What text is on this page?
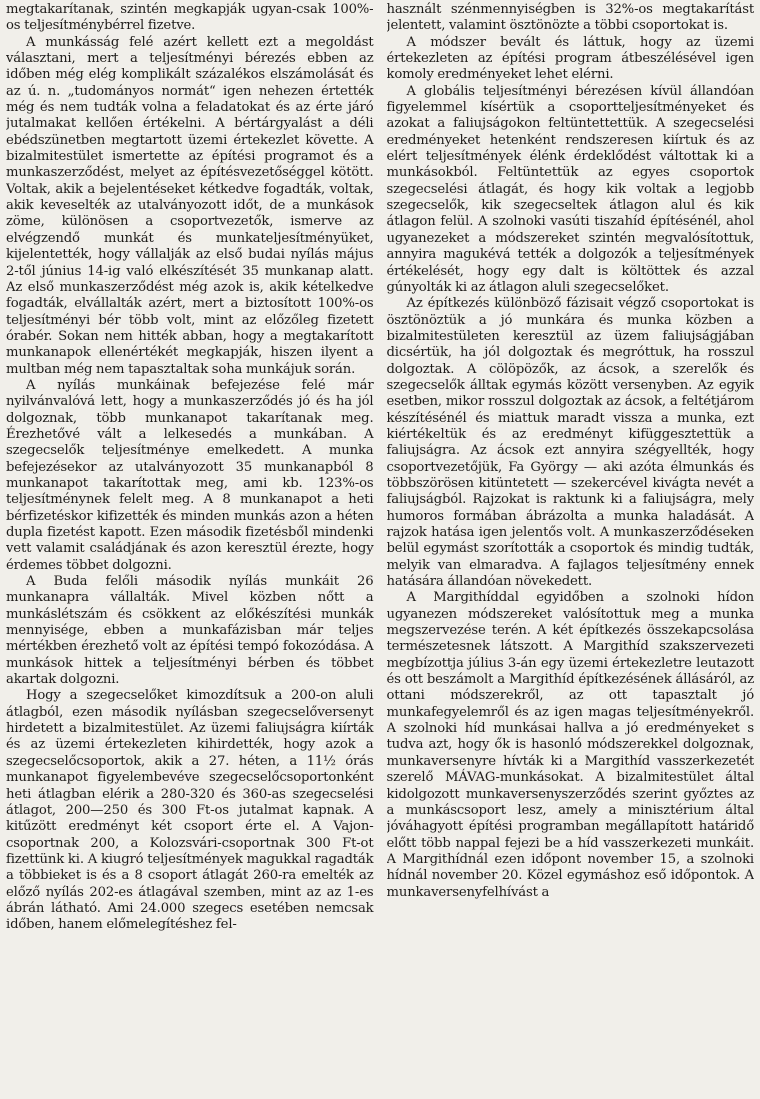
megtakarítanak, szintén megkapják ugyan-csak 100%-os teljesítménybérrel fizetve.

A munkásság felé azért kellett ezt a megoldást választani, mert a teljesítményi bérezés ebben az időben még elég komplikált százalékos elszámolását és az ú. n. „tudományos normát“ igen nehezen értették még és nem tudták volna a feladatokat és az érte járó jutalmakat kellően értékelni. A bértárgyalást a déli ebédszünetben megtartott üzemi értekezlet követte. A bizalmitestület ismertette az építési programot és a munkaszerződést, melyet az építésvezetőséggel kötött. Voltak, akik a bejelentéseket kétkedve fogadták, voltak, akik keveselték az utalványozott időt, de a munkások zöme, különösen a csoportvezetők, ismerve az elvégzendő munkát és munkateljesítményüket, kijelentették, hogy vállalják az első budai nyílás május 2-től június 14-ig való elkészítését 35 munkanap alatt. Az első munkaszerződést még azok is, akik kételkedve fogadták, elvállalták azért, mert a biztosított 100%-os teljesítményi bér több volt, mint az előzőleg fizetett órabér. Sokan nem hitték abban, hogy a megtakarított munkanapok ellenértékét megkapják, hiszen ilyent a multban még nem tapasztaltak soha munkájuk során.

A nyílás munkáinak befejezése felé már nyilvánvalóvá lett, hogy a munkaszerződés jó és ha jól dolgoznak, több munkanapot takarítanak meg. Érezhetővé vált a lelkesedés a munkában. A szegecselők teljesítménye emelkedett. A munka befejezésekor az utalványozott 35 munkanapból 8 munkanapot takarítottak meg, ami kb. 123%-os teljesítménynek felelt meg. A 8 munkanapot a heti bérfizetéskor kifizették és minden munkás azon a héten dupla fizetést kapott. Ezen második fizetésből mindenki vett valamit családjának és azon keresztül érezte, hogy érdemes többet dolgozni.

A Buda felőli második nyílás munkáit 26 munkanapra vállalták. Mivel közben nőtt a munkáslétszám és csökkent az előkészítési munkák mennyisége, ebben a munkafázisban már teljes mértékben érezhető volt az építési tempó fokozódása. A munkások hittek a teljesítményi bérben és többet akartak dolgozni.

Hogy a szegecselőket kimozdítsuk a 200-on aluli átlagból, ezen második nyílásban szegecselőversenyt hirdetett a bizalmitestület. Az üzemi faliujságra kiírták és az üzemi értekezleten kihirdették, hogy azok a szegecselőcsoportok, akik a 27. héten, a 11½ órás munkanapot figyelembevéve szegecselőcsoportonként heti átlagban elérik a 280-320 és 360-as szegecselési átlagot, 200—250 és 300 Ft-os jutalmat kapnak. A kitűzött eredményt két csoport érte el. A Vajon-csoportnak 200, a Kolozsvári-csoportnak 300 Ft-ot fizettünk ki. A kiugró teljesítmények magukkal ragadták a többieket is és a 8 csoport átlagát 260-ra emelték az előző nyílás 202-es átlagával szemben, mint az az 1-es ábrán látható. Ami 24.000 szegecs esetében nemcsak időben, hanem előmelegítéshez fel-

használt szénmennyiségben is 32%-os megtakarítást jelentett, valamint ösztönözte a többi csoportokat is.

A módszer bevált és láttuk, hogy az üzemi értekezleten az építési program átbeszélésével igen komoly eredményeket lehet elérni.

A globális teljesítményi bérezésen kívül állandóan figyelemmel kísértük a csoportteljesítményeket és azokat a faliujságokon feltüntettettük. A szegecselési eredményeket hetenként rendszeresen kiírtuk és az elért teljesítmények élénk érdeklődést váltottak ki a munkásokból. Feltüntettük az egyes csoportok szegecselési átlagát, és hogy kik voltak a legjobb szegecselők, kik szegecseltek átlagon alul és kik átlagon felül. A szolnoki vasúti tiszahíd építésénél, ahol ugyanezeket a módszereket szintén megvalósítottuk, annyira magukévá tették a dolgozók a teljesítmények értékelését, hogy egy dalt is költöttek és azzal gúnyolták ki az átlagon aluli szegecselőket.

Az építkezés különböző fázisait végző csoportokat is ösztönöztük a jó munkára és munka közben a bizalmitestületen keresztül az üzem faliujságjában dicsértük, ha jól dolgoztak és megróttuk, ha rosszul dolgoztak. A cölöpözők, az ácsok, a szerelők és szegecselők álltak egymás között versenyben. Az egyik esetben, mikor rosszul dolgoztak az ácsok, a feltétjárom készítésénél és miattuk maradt vissza a munka, ezt kiértékeltük és az eredményt kifüggesztettük a faliujságra. Az ácsok ezt annyira szégyellték, hogy csoportvezetőjük, Fa György — aki azóta élmunkás és többszörösen kitüntetett — szekercével kivágta nevét a faliujságból. Rajzokat is raktunk ki a faliujságra, mely humoros formában ábrázolta a munka haladását. A rajzok hatása igen jelentős volt. A munkaszerződéseken belül egymást szorították a csoportok és mindig tudták, melyik van elmaradva. A fajlagos teljesítmény ennek hatására állandóan növekedett.

A Margithíddal egyidőben a szolnoki hídon ugyanezen módszereket valósítottuk meg a munka megszervezése terén. A két építkezés összekapcsolása természetesnek látszott. A Margithíd szakszervezeti megbízottja július 3-án egy üzemi értekezletre leutazott és ott beszámolt a Margithíd építkezésének állásáról, az ottani módszerekről, az ott tapasztalt jó munkafegyelemről és az igen magas teljesítményekről. A szolnoki híd munkásai hallva a jó eredményeket s tudva azt, hogy ők is hasonló módszerekkel dolgoznak, munkaversenyre hívták ki a Margithíd vasszerkezetét szerelő MÁVAG-munkásokat. A bizalmitestület által kidolgozott munkaversenyszerződés szerint győztes az a munkáscsoport lesz, amely a minisztérium által jóváhagyott építési programban megállapított határidő előtt több nappal fejezi be a híd vasszerkezeti munkáit. A Margithídnál ezen időpont november 15, a szolnoki hídnál november 20. Közel egymáshoz eső időpontok. A munkaversenyfelhívást a
